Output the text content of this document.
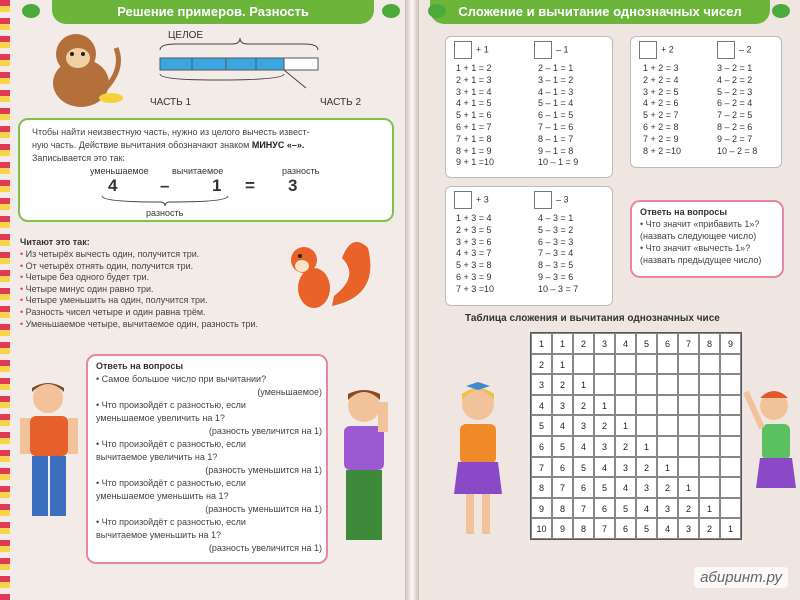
Решение примеров. Разность
ЦЕЛОЕ
ЧАСТЬ 1	ЧАСТЬ 2
Чтобы найти неизвестную часть, нужно из целого вычесть извест-
ную часть. Действие вычитания обозначают знаком МИНУС «–».
Записывается это так:
уменьшаемое	вычитаемое	разность
4	–	1 = 3
разность
Читают это так:
• Из четырёх вычесть один, получится три.
• От четырёх отнять один, получится три.
• Четыре без одного будет три.
• Четыре минус один равно три.
• Четыре уменьшить на один, получится три.
• Разность чисел четыре и один равна трём.
• Уменьшаемое четыре, вычитаемое один, разность три.
Ответь на вопросы
• Самое большое число при вычитании?
(уменьшаемое)
• Что произойдёт с разностью, если
уменьшаемое увеличить на 1?
(разность увеличится на 1)
• Что произойдёт с разностью, если
вычитаемое увеличить на 1?
(разность уменьшится на 1)
• Что произойдёт с разностью, если
уменьшаемое уменьшить на 1?
(разность уменьшится на 1)
• Что произойдёт с разностью, если
вычитаемое уменьшить на 1?
(разность увеличится на 1)
Сложение и вычитание однозначных чисел
+ 1	– 1
1 + 1 = 2
2 + 1 = 3
3 + 1 = 4
4 + 1 = 5
5 + 1 = 6
6 + 1 = 7
7 + 1 = 8
8 + 1 = 9
9 + 1 =10
2 – 1 = 1
3 – 1 = 2
4 – 1 = 3
5 – 1 = 4
6 – 1 = 5
7 – 1 = 6
8 – 1 = 7
9 – 1 = 8
10 – 1 = 9
+ 2	– 2
1 + 2 = 3
2 + 2 = 4
3 + 2 = 5
4 + 2 = 6
5 + 2 = 7
6 + 2 = 8
7 + 2 = 9
8 + 2 =10
3 – 2 = 1
4 – 2 = 2
5 – 2 = 3
6 – 2 = 4
7 – 2 = 5
8 – 2 = 6
9 – 2 = 7
10 – 2 = 8
+ 3	– 3
1 + 3 = 4
2 + 3 = 5
3 + 3 = 6
4 + 3 = 7
5 + 3 = 8
6 + 3 = 9
7 + 3 =10
4 – 3 = 1
5 – 3 = 2
6 – 3 = 3
7 – 3 = 4
8 – 3 = 5
9 – 3 = 6
10 – 3 = 7
Ответь на вопросы
• Что значит «прибавить 1»?
(назвать следующее число)
• Что значит «вычесть 1»?
(назвать предыдущее число)
Таблица сложения и вычитания однозначных чисе
1	1	2	3	4	5	6	7	8	9
2	1
3	2	1
4	3	2	1
5	4	3	2	1
6	5	4	3	2	1
7	6	5	4	3	2	1
8	7	6	5	4	3	2	1
9	8	7	6	5	4	3	2	1
10	9	8	7	6	5	4	3	2	1
абиринт.ру
